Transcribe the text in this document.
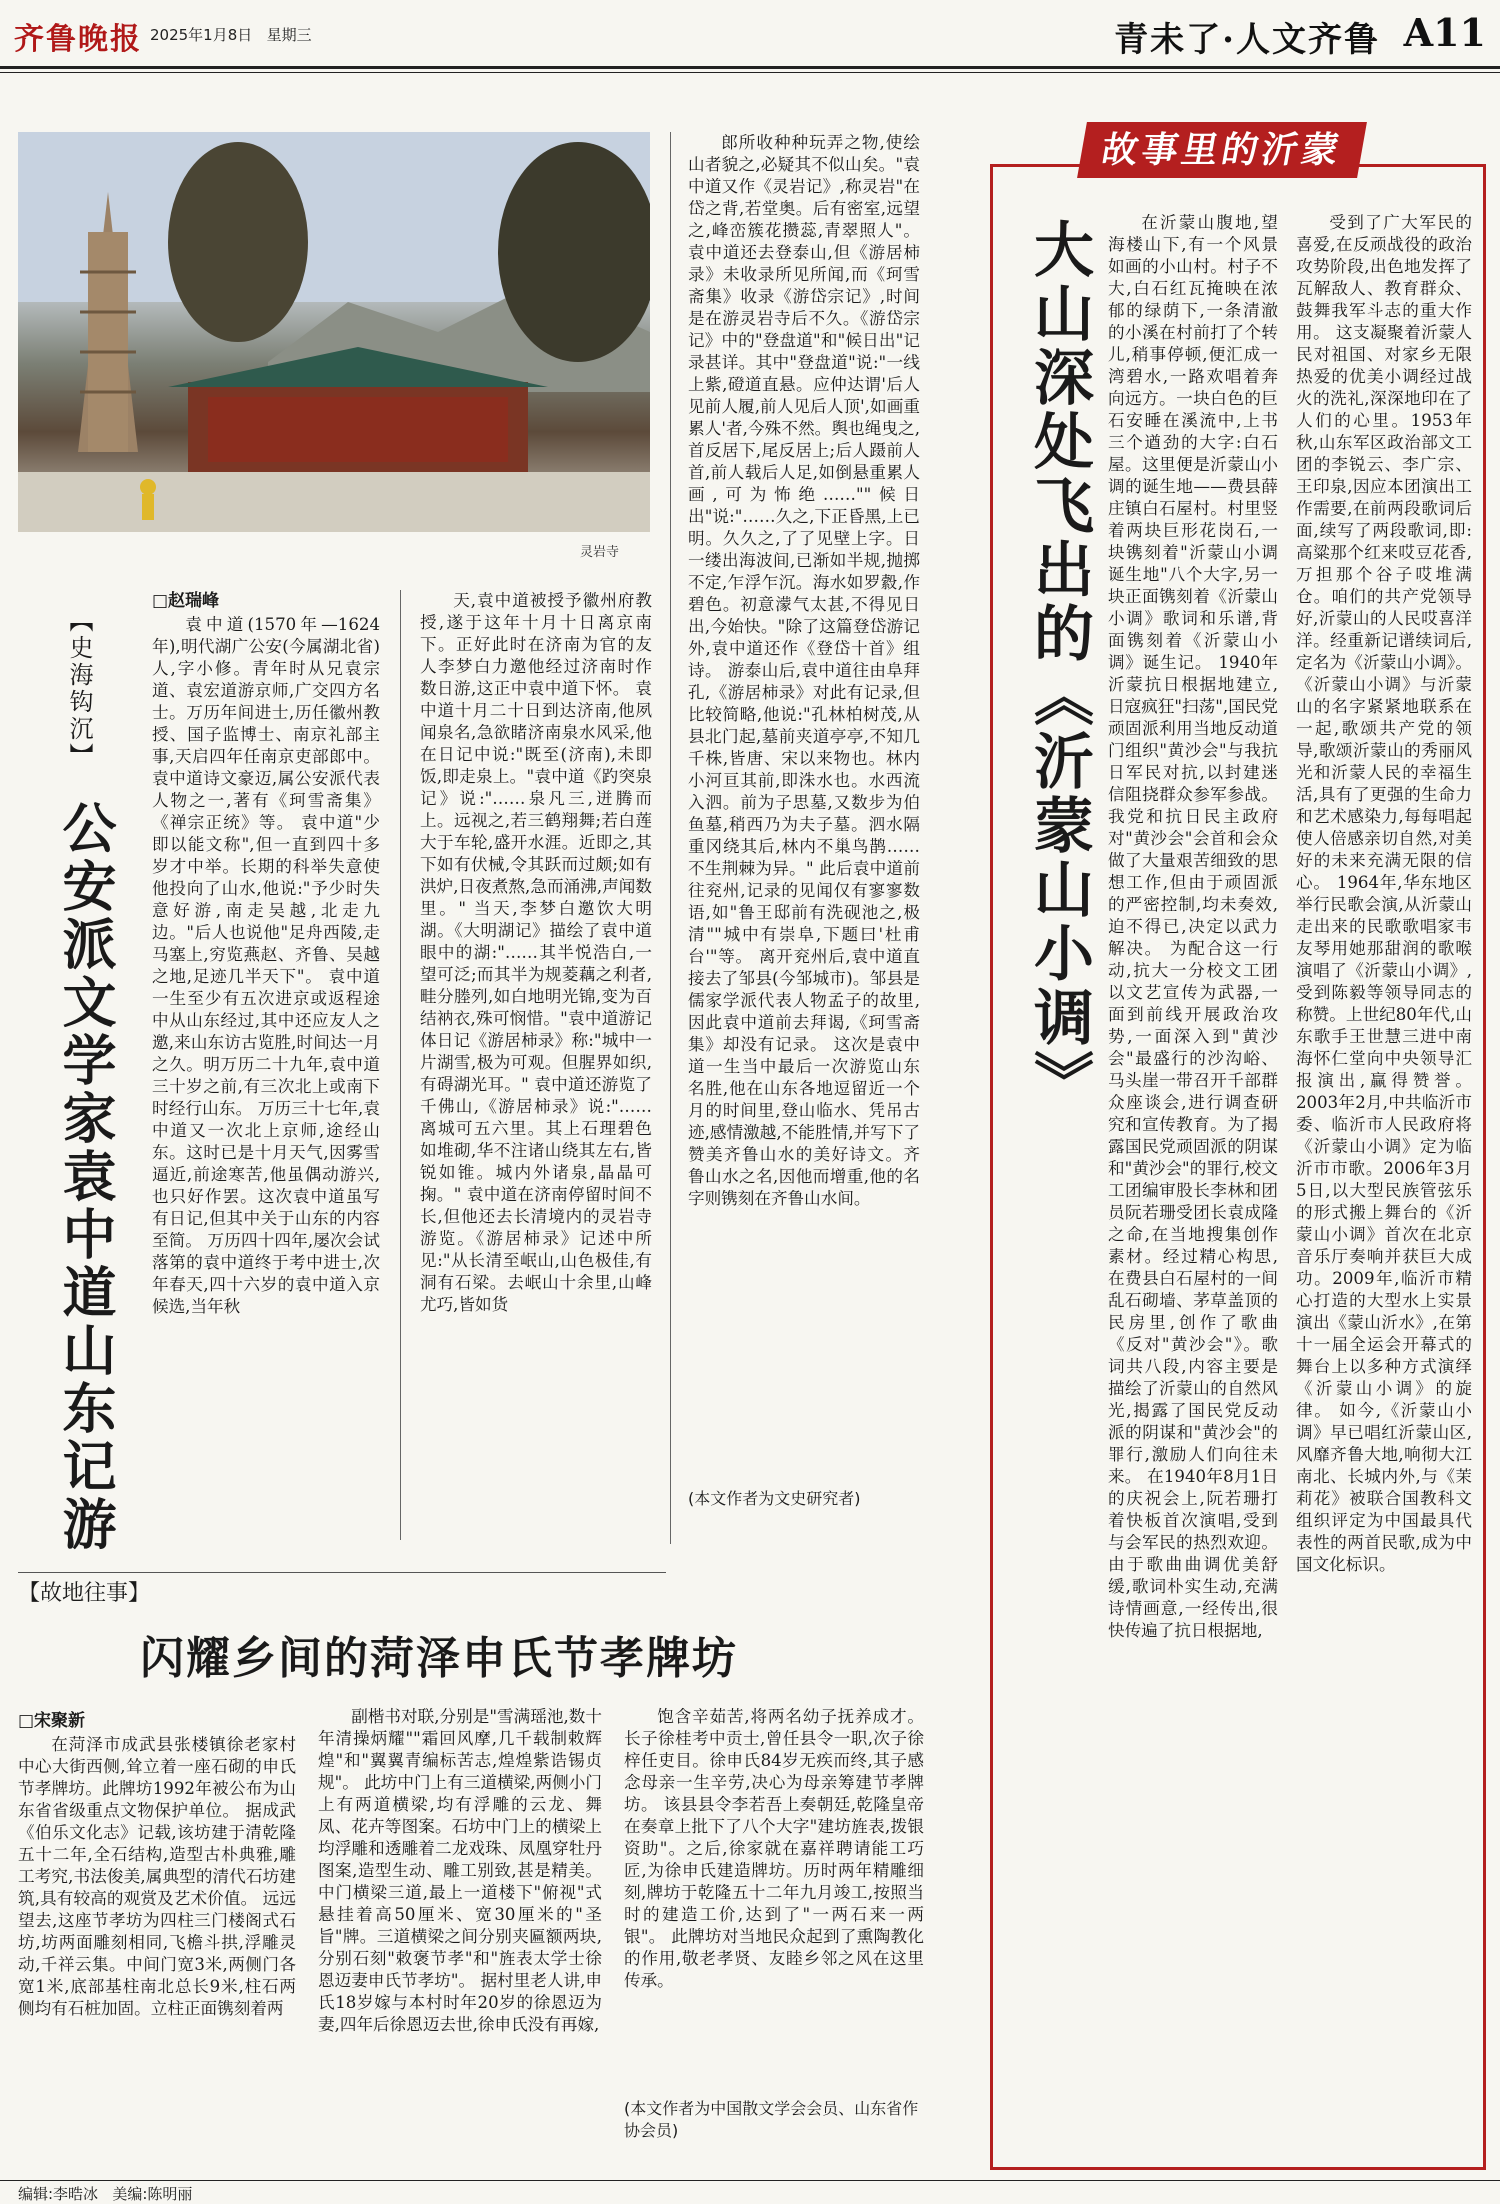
齐鲁晚报 2025年1月8日 星期三	青未了·人文齐鲁 A11
灵岩寺
【史海钩沉】
公安派文学家袁中道山东记游
□赵瑞峰
袁中道(1570年—1624年),明代湖广公安(今属湖北省)人,字小修。青年时从兄袁宗道、袁宏道游京师,广交四方名士。万历年间进士,历任徽州教授、国子监博士、南京礼部主事,天启四年任南京吏部郎中。袁中道诗文豪迈,属公安派代表人物之一,著有《珂雪斋集》《禅宗正统》等。 袁中道"少即以能文称",但一直到四十多岁才中举。长期的科举失意使他投向了山水,他说:"予少时失意好游,南走吴越,北走九边。"后人也说他"足舟西陵,走马塞上,穷览燕赵、齐鲁、吴越之地,足迹几半天下"。 袁中道一生至少有五次进京或返程途中从山东经过,其中还应友人之邀,来山东访古览胜,时间达一月之久。明万历二十九年,袁中道三十岁之前,有三次北上或南下时经行山东。 万历三十七年,袁中道又一次北上京师,途经山东。这时已是十月天气,因雾雪逼近,前途寒苦,他虽偶动游兴,也只好作罢。这次袁中道虽写有日记,但其中关于山东的内容至简。 万历四十四年,屡次会试落第的袁中道终于考中进士,次年春天,四十六岁的袁中道入京候选,当年秋
天,袁中道被授予徽州府教授,遂于这年十月十日离京南下。正好此时在济南为官的友人李梦白力邀他经过济南时作数日游,这正中袁中道下怀。 袁中道十月二十日到达济南,他夙闻泉名,急欲睹济南泉水风采,他在日记中说:"既至(济南),未即饭,即走泉上。"袁中道《趵突泉记》说:"……泉凡三,迸腾而上。远视之,若三鹤翔舞;若白莲大于车轮,盛开水涯。近即之,其下如有伏械,令其跃而过颇;如有洪炉,日夜煮熬,急而涌沸,声闻数里。" 当天,李梦白邀饮大明湖。《大明湖记》描绘了袁中道眼中的湖:"……其半悦浩白,一望可泛;而其半为规菱藕之利者,畦分塍列,如白地明光锦,变为百结衲衣,殊可悯惜。"袁中道游记体日记《游居柿录》称:"城中一片湖雪,极为可观。但腥界如织,有碍湖光耳。" 袁中道还游览了千佛山,《游居柿录》说:"……离城可五六里。其上石理碧色如堆砌,华不注诸山绕其左右,皆锐如锥。城内外诸泉,晶晶可掬。" 袁中道在济南停留时间不长,但他还去长清境内的灵岩寺游览。《游居柿录》记述中所见:"从长清至岷山,山色极佳,有洞有石梁。去岷山十余里,山峰尤巧,皆如货
郎所收种种玩弄之物,使绘山者貌之,必疑其不似山矣。"袁中道又作《灵岩记》,称灵岩"在岱之背,若堂奥。后有密室,远望之,峰峦簇花攒蕊,青翠照人"。 袁中道还去登泰山,但《游居柿录》未收录所见所闻,而《珂雪斋集》收录《游岱宗记》,时间是在游灵岩寺后不久。《游岱宗记》中的"登盘道"和"候日出"记录甚详。其中"登盘道"说:"一线上紫,磴道直悬。应仲达谓'后人见前人履,前人见后人顶',如画重累人'者,今殊不然。舆也绳曳之,首反居下,尾反居上;后人蹑前人首,前人载后人足,如倒悬重累人画,可为怖绝……""候日出"说:"……久之,下正昏黑,上已明。久久之,了了见壁上字。日一缕出海波间,已渐如半规,抛掷不定,乍浮乍沉。海水如罗縠,作碧色。初意濛气太甚,不得见日出,今始快。"除了这篇登岱游记外,袁中道还作《登岱十首》组诗。 游泰山后,袁中道往由阜拜孔,《游居柿录》对此有记录,但比较简略,他说:"孔林柏树茂,从县北门起,墓前夹道亭亭,不知几千株,皆唐、宋以来物也。林内小河亘其前,即洙水也。水西流入泗。前为子思墓,又数步为伯鱼墓,稍西乃为夫子墓。泗水隔重冈绕其后,林内不巢鸟鹊……不生荆棘为异。" 此后袁中道前往兖州,记录的见闻仅有寥寥数语,如"鲁王邸前有洗砚池之,极清""城中有崇阜,下题曰'杜甫台'"等。 离开兖州后,袁中道直接去了邹县(今邹城市)。邹县是儒家学派代表人物孟子的故里,因此袁中道前去拜谒,《珂雪斋集》却没有记录。 这次是袁中道一生当中最后一次游览山东名胜,他在山东各地逗留近一个月的时间里,登山临水、凭吊古迹,感情激越,不能胜情,并写下了赞美齐鲁山水的美好诗文。齐鲁山水之名,因他而增重,他的名字则镌刻在齐鲁山水间。
(本文作者为文史研究者)
【故地往事】
闪耀乡间的菏泽申氏节孝牌坊
□宋聚新
在菏泽市成武县张楼镇徐老家村中心大街西侧,耸立着一座石砌的申氏节孝牌坊。此牌坊1992年被公布为山东省省级重点文物保护单位。 据成武《伯乐文化志》记载,该坊建于清乾隆五十二年,全石结构,造型古朴典雅,雕工考究,书法俊美,属典型的清代石坊建筑,具有较高的观赏及艺术价值。 远远望去,这座节孝坊为四柱三门楼阁式石坊,坊两面雕刻相同,飞檐斗拱,浮雕灵动,千祥云集。中间门宽3米,两侧门各宽1米,底部基柱南北总长9米,柱石两侧均有石桩加固。立柱正面镌刻着两
副楷书对联,分别是"雪满瑶池,数十年清操炳耀""霜回风摩,几千载制敕辉煌"和"翼翼青编标苦志,煌煌紫诰锡贞规"。 此坊中门上有三道横梁,两侧小门上有两道横梁,均有浮雕的云龙、舞凤、花卉等图案。石坊中门上的横梁上均浮雕和透雕着二龙戏珠、凤凰穿牡丹图案,造型生动、雕工别致,甚是精美。中门横梁三道,最上一道楼下"俯视"式悬挂着高50厘米、宽30厘米的"圣旨"牌。三道横梁之间分别夹匾额两块,分别石刻"敕褒节孝"和"旌表太学士徐恩迈妻申氏节孝坊"。 据村里老人讲,申氏18岁嫁与本村时年20岁的徐恩迈为妻,四年后徐恩迈去世,徐申氏没有再嫁,
饱含辛茹苦,将两名幼子抚养成才。长子徐桂考中贡士,曾任县令一职,次子徐梓任吏目。徐申氏84岁无疾而终,其子感念母亲一生辛劳,决心为母亲筹建节孝牌坊。 该县县令李若吾上奏朝廷,乾隆皇帝在奏章上批下了八个大字"建坊旌表,拨银资助"。之后,徐家就在嘉祥聘请能工巧匠,为徐申氏建造牌坊。历时两年精雕细刻,牌坊于乾隆五十二年九月竣工,按照当时的建造工价,达到了"一两石来一两银"。 此牌坊对当地民众起到了熏陶教化的作用,敬老孝贤、友睦乡邻之风在这里传承。
(本文作者为中国散文学会会员、山东省作协会员)
故事里的沂蒙
大山深处飞出的《沂蒙山小调》	在沂蒙山腹地,望海楼山下,有一个风景如画的小山村。村子不大,白石红瓦掩映在浓郁的绿荫下,一条清澈的小溪在村前打了个转儿,稍事停顿,便汇成一湾碧水,一路欢唱着奔向远方。一块白色的巨石安睡在溪流中,上书三个遒劲的大字:白石屋。这里便是沂蒙山小调的诞生地——费县薛庄镇白石屋村。村里竖着两块巨形花岗石,一块镌刻着"沂蒙山小调诞生地"八个大字,另一块正面镌刻着《沂蒙山小调》歌词和乐谱,背面镌刻着《沂蒙山小调》诞生记。 1940年沂蒙抗日根据地建立,日寇疯狂"扫荡",国民党顽固派利用当地反动道门组织"黄沙会"与我抗日军民对抗,以封建迷信阻挠群众参军参战。我党和抗日民主政府对"黄沙会"会首和会众做了大量艰苦细致的思想工作,但由于顽固派的严密控制,均未奏效,迫不得已,决定以武力解决。 为配合这一行动,抗大一分校文工团以文艺宣传为武器,一面到前线开展政治攻势,一面深入到"黄沙会"最盛行的沙沟峪、马头崖一带召开千部群众座谈会,进行调查研究和宣传教育。为了揭露国民党顽固派的阴谋和"黄沙会"的罪行,校文工团编审股长李林和团员阮若珊受团长袁成隆之命,在当地搜集创作素材。经过精心构思,在费县白石屋村的一间乱石砌墙、茅草盖顶的民房里,创作了歌曲《反对"黄沙会"》。歌词共八段,内容主要是描绘了沂蒙山的自然风光,揭露了国民党反动派的阴谋和"黄沙会"的罪行,激励人们向往未来。 在1940年8月1日的庆祝会上,阮若珊打着快板首次演唱,受到与会军民的热烈欢迎。由于歌曲曲调优美舒缓,歌词朴实生动,充满诗情画意,一经传出,很快传遍了抗日根据地,
受到了广大军民的喜爱,在反顽战役的政治攻势阶段,出色地发挥了瓦解敌人、教育群众、鼓舞我军斗志的重大作用。 这支凝聚着沂蒙人民对祖国、对家乡无限热爱的优美小调经过战火的洗礼,深深地印在了人们的心里。1953年秋,山东军区政治部文工团的李锐云、李广宗、王印泉,因应本团演出工作需要,在前两段歌词后面,续写了两段歌词,即:高粱那个红来哎豆花香,万担那个谷子哎堆满仓。咱们的共产党领导好,沂蒙山的人民哎喜洋洋。经重新记谱续词后,定名为《沂蒙山小调》。《沂蒙山小调》与沂蒙山的名字紧紧地联系在一起,歌颂共产党的领导,歌颂沂蒙山的秀丽风光和沂蒙人民的幸福生活,具有了更强的生命力和艺术感染力,每每唱起使人倍感亲切自然,对美好的未来充满无限的信心。 1964年,华东地区举行民歌会演,从沂蒙山走出来的民歌歌唱家韦友琴用她那甜润的歌喉演唱了《沂蒙山小调》,受到陈毅等领导同志的称赞。上世纪80年代,山东歌手王世慧三进中南海怀仁堂向中央领导汇报演出,赢得赞誉。2003年2月,中共临沂市委、临沂市人民政府将《沂蒙山小调》定为临沂市市歌。2006年3月5日,以大型民族管弦乐的形式搬上舞台的《沂蒙山小调》首次在北京音乐厅奏响并获巨大成功。2009年,临沂市精心打造的大型水上实景演出《蒙山沂水》,在第十一届全运会开幕式的舞台上以多种方式演绎《沂蒙山小调》的旋律。 如今,《沂蒙山小调》早已唱红沂蒙山区,风靡齐鲁大地,响彻大江南北、长城内外,与《茉莉花》被联合国教科文组织评定为中国最具代表性的两首民歌,成为中国文化标识。
编辑:李晧冰 美编:陈明丽
